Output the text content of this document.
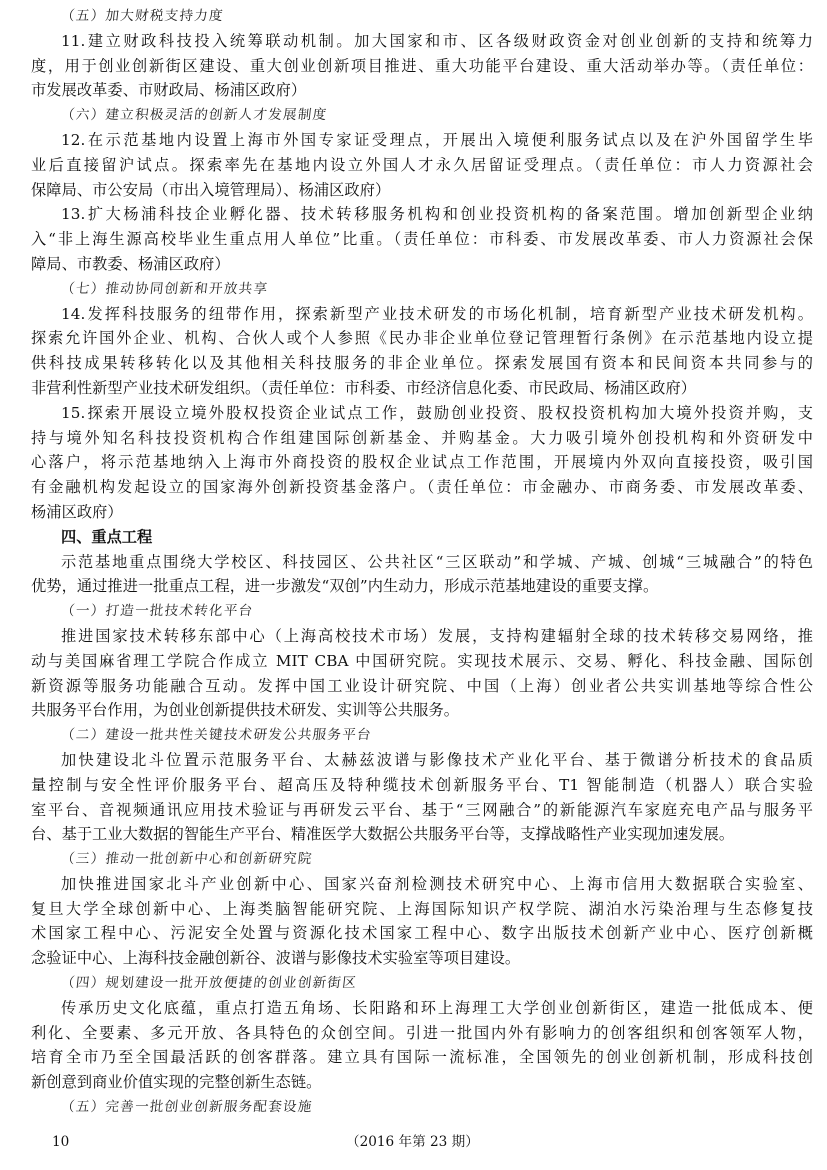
（五）加大财税支持力度
11.建立财政科技投入统筹联动机制。加大国家和市、区各级财政资金对创业创新的支持和统筹力
度，用于创业创新街区建设、重大创业创新项目推进、重大功能平台建设、重大活动举办等。（责任单位：
市发展改革委、市财政局、杨浦区政府）
（六）建立积极灵活的创新人才发展制度
12.在示范基地内设置上海市外国专家证受理点，开展出入境便利服务试点以及在沪外国留学生毕
业后直接留沪试点。探索率先在基地内设立外国人才永久居留证受理点。（责任单位：市人力资源社会
保障局、市公安局（市出入境管理局）、杨浦区政府）
13.扩大杨浦科技企业孵化器、技术转移服务机构和创业投资机构的备案范围。增加创新型企业纳
入“非上海生源高校毕业生重点用人单位”比重。（责任单位：市科委、市发展改革委、市人力资源社会保
障局、市教委、杨浦区政府）
（七）推动协同创新和开放共享
14.发挥科技服务的纽带作用，探索新型产业技术研发的市场化机制，培育新型产业技术研发机构。
探索允许国外企业、机构、合伙人或个人参照《民办非企业单位登记管理暂行条例》在示范基地内设立提
供科技成果转移转化以及其他相关科技服务的非企业单位。探索发展国有资本和民间资本共同参与的
非营利性新型产业技术研发组织。（责任单位：市科委、市经济信息化委、市民政局、杨浦区政府）
15.探索开展设立境外股权投资企业试点工作，鼓励创业投资、股权投资机构加大境外投资并购，支
持与境外知名科技投资机构合作组建国际创新基金、并购基金。大力吸引境外创投机构和外资研发中
心落户，将示范基地纳入上海市外商投资的股权企业试点工作范围，开展境内外双向直接投资，吸引国
有金融机构发起设立的国家海外创新投资基金落户。（责任单位：市金融办、市商务委、市发展改革委、
杨浦区政府）
四、重点工程
示范基地重点围绕大学校区、科技园区、公共社区“三区联动”和学城、产城、创城“三城融合”的特色
优势，通过推进一批重点工程，进一步激发“双创”内生动力，形成示范基地建设的重要支撑。
（一）打造一批技术转化平台
推进国家技术转移东部中心（上海高校技术市场）发展，支持构建辐射全球的技术转移交易网络，推
动与美国麻省理工学院合作成立 MIT CBA 中国研究院。实现技术展示、交易、孵化、科技金融、国际创
新资源等服务功能融合互动。发挥中国工业设计研究院、中国（上海）创业者公共实训基地等综合性公
共服务平台作用，为创业创新提供技术研发、实训等公共服务。
（二）建设一批共性关键技术研发公共服务平台
加快建设北斗位置示范服务平台、太赫兹波谱与影像技术产业化平台、基于微谱分析技术的食品质
量控制与安全性评价服务平台、超高压及特种缆技术创新服务平台、T1 智能制造（机器人）联合实验
室平台、音视频通讯应用技术验证与再研发云平台、基于“三网融合”的新能源汽车家庭充电产品与服务平
台、基于工业大数据的智能生产平台、精准医学大数据公共服务平台等，支撑战略性产业实现加速发展。
（三）推动一批创新中心和创新研究院
加快推进国家北斗产业创新中心、国家兴奋剂检测技术研究中心、上海市信用大数据联合实验室、
复旦大学全球创新中心、上海类脑智能研究院、上海国际知识产权学院、湖泊水污染治理与生态修复技
术国家工程中心、污泥安全处置与资源化技术国家工程中心、数字出版技术创新产业中心、医疗创新概
念验证中心、上海科技金融创新谷、波谱与影像技术实验室等项目建设。
（四）规划建设一批开放便捷的创业创新街区
传承历史文化底蕴，重点打造五角场、长阳路和环上海理工大学创业创新街区，建造一批低成本、便
利化、全要素、多元开放、各具特色的众创空间。引进一批国内外有影响力的创客组织和创客领军人物，
培育全市乃至全国最活跃的创客群落。建立具有国际一流标准，全国领先的创业创新机制，形成科技创
新创意到商业价值实现的完整创新生态链。
（五）完善一批创业创新服务配套设施
10	（2016 年第 23 期）
